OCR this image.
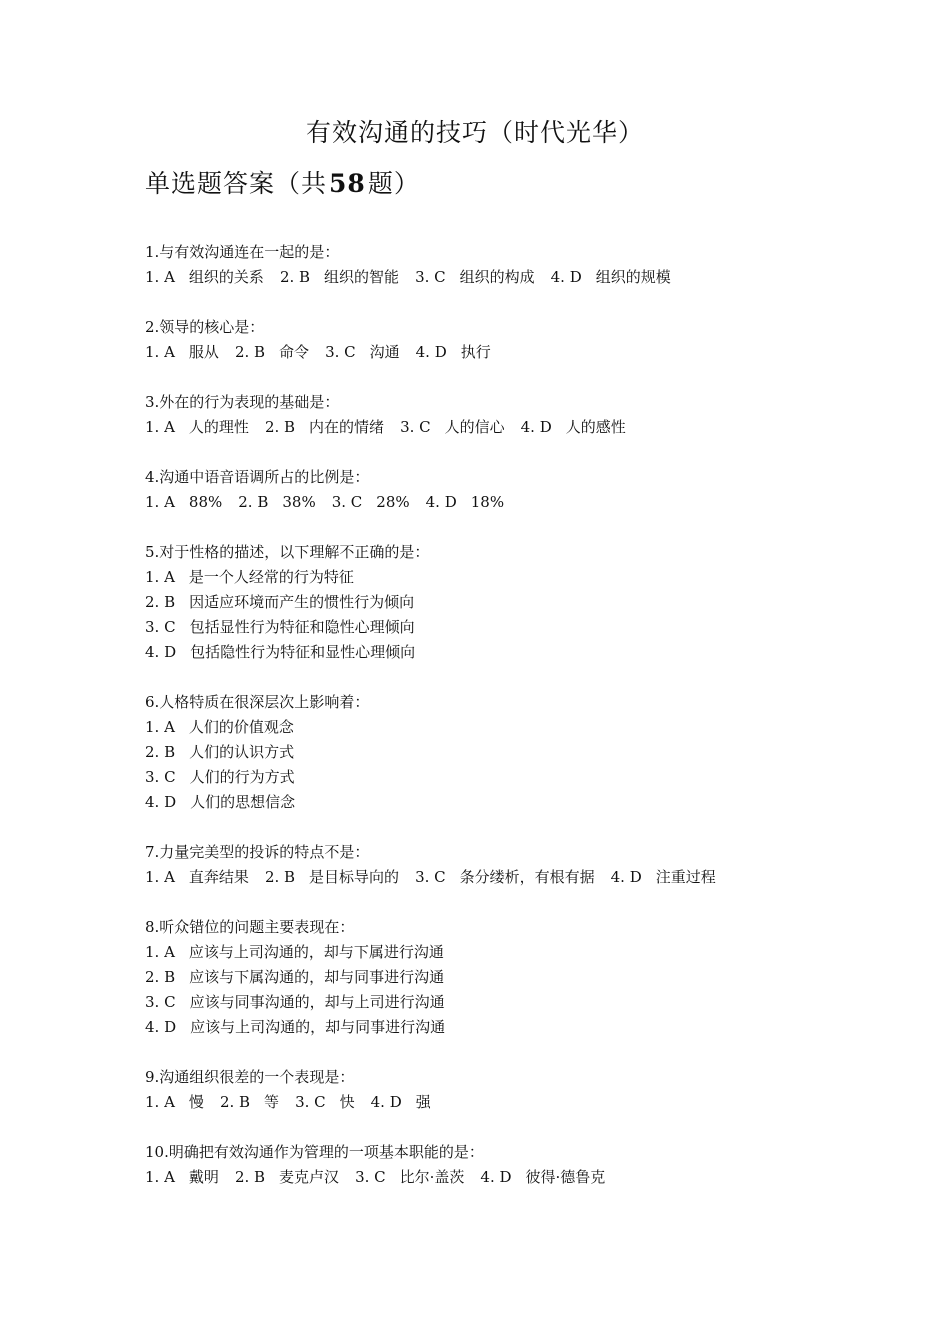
有效沟通的技巧（时代光华）
单选题答案（共58题）
1.与有效沟通连在一起的是：
1. A 组织的关系 2. B 组织的智能 3. C 组织的构成 4. D 组织的规模
2.领导的核心是：
1. A 服从 2. B 命令 3. C 沟通 4. D 执行
3.外在的行为表现的基础是：
1. A 人的理性 2. B 内在的情绪 3. C 人的信心 4. D 人的感性
4.沟通中语音语调所占的比例是：
1. A 88% 2. B 38% 3. C 28% 4. D 18%
5.对于性格的描述，以下理解不正确的是：
1. A 是一个人经常的行为特征
2. B 因适应环境而产生的惯性行为倾向
3. C 包括显性行为特征和隐性心理倾向
4. D 包括隐性行为特征和显性心理倾向
6.人格特质在很深层次上影响着：
1. A 人们的价值观念
2. B 人们的认识方式
3. C 人们的行为方式
4. D 人们的思想信念
7.力量完美型的投诉的特点不是：
1. A 直奔结果 2. B 是目标导向的 3. C 条分缕析，有根有据 4. D 注重过程
8.听众错位的问题主要表现在：
1. A 应该与上司沟通的，却与下属进行沟通
2. B 应该与下属沟通的，却与同事进行沟通
3. C 应该与同事沟通的，却与上司进行沟通
4. D 应该与上司沟通的，却与同事进行沟通
9.沟通组织很差的一个表现是：
1. A 慢 2. B 等 3. C 快 4. D 强
10.明确把有效沟通作为管理的一项基本职能的是：
1. A 戴明 2. B 麦克卢汉 3. C 比尔·盖茨 4. D 彼得·德鲁克
